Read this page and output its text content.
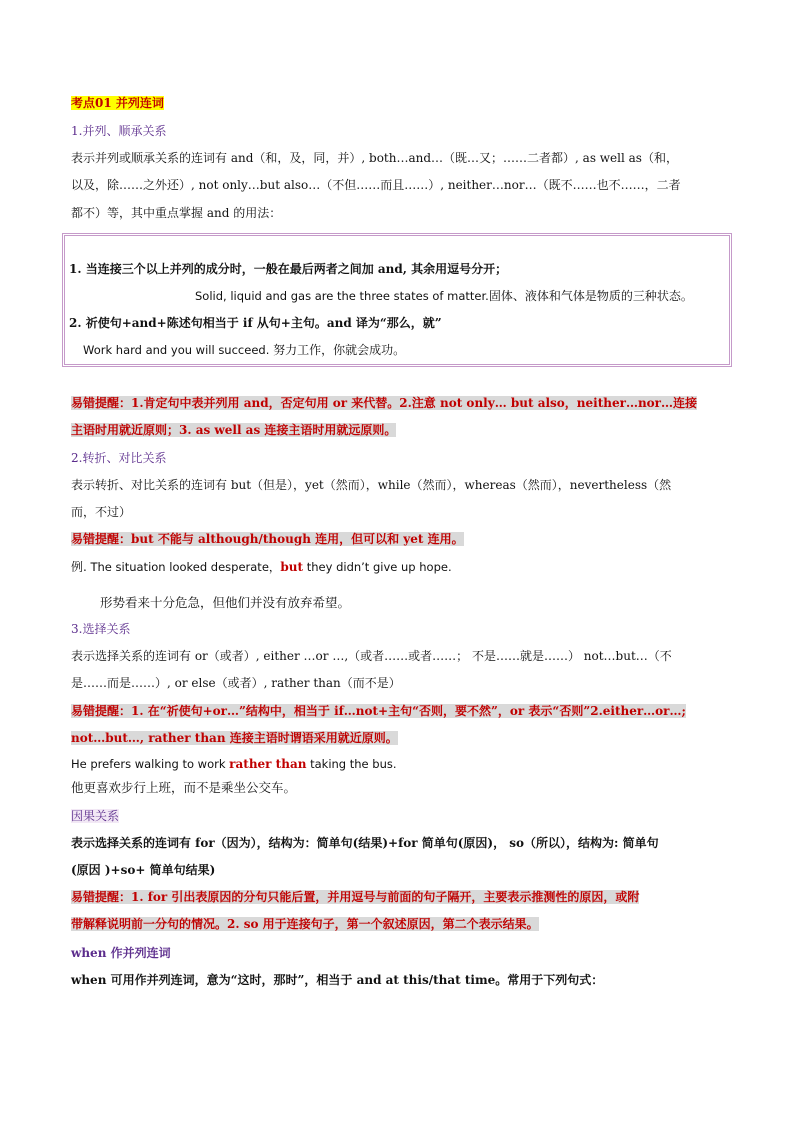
考点01 并列连词
1.并列、顺承关系
表示并列或顺承关系的连词有 and（和，及，同，并）, both…and…（既…又；……二者都）, as well as（和，
以及，除……之外还）, not only…but also…（不但……而且……）, neither…nor…（既不……也不……，二者
都不）等，其中重点掌握 and 的用法：
1. 当连接三个以上并列的成分时，一般在最后两者之间加 and, 其余用逗号分开；
Solid, liquid and gas are the three states of matter.固体、液体和气体是物质的三种状态。
2. 祈使句+and+陈述句相当于 if 从句+主句。and 译为“那么，就”
Work hard and you will succeed. 努力工作，你就会成功。
易错提醒：1.肯定句中表并列用 and，否定句用 or 来代替。2.注意 not only… but also，neither…nor…连接
主语时用就近原则；3. as well as 连接主语时用就远原则。
2.转折、对比关系
表示转折、对比关系的连词有 but（但是），yet（然而），while（然而），whereas（然而），nevertheless（然
而，不过）
易错提醒：but 不能与 although/though 连用，但可以和 yet 连用。
例. The situation looked desperate，but they didn’t give up hope.
形势看来十分危急，但他们并没有放弃希望。
3.选择关系
表示选择关系的连词有 or（或者）, either …or …,（或者……或者……； 不是……就是……） not…but…（不
是……而是……）, or else（或者）, rather than（而不是）
易错提醒：1. 在“祈使句+or…”结构中，相当于 if…not+主句“否则，要不然”，or 表示“否则”2.either…or…;
not…but…, rather than 连接主语时谓语采用就近原则。
He prefers walking to work rather than taking the bus.
他更喜欢步行上班，而不是乘坐公交车。
因果关系
表示选择关系的连词有 for（因为），结构为：简单句(结果)+for 简单句(原因)， so（所以），结构为: 简单句
(原因 )+so+ 简单句结果)
易错提醒：1. for 引出表原因的分句只能后置，并用逗号与前面的句子隔开，主要表示推测性的原因，或附
带解释说明前一分句的情况。2. so 用于连接句子，第一个叙述原因，第二个表示结果。
when 作并列连词
when 可用作并列连词，意为“这时，那时”，相当于 and at this/that time。常用于下列句式：
